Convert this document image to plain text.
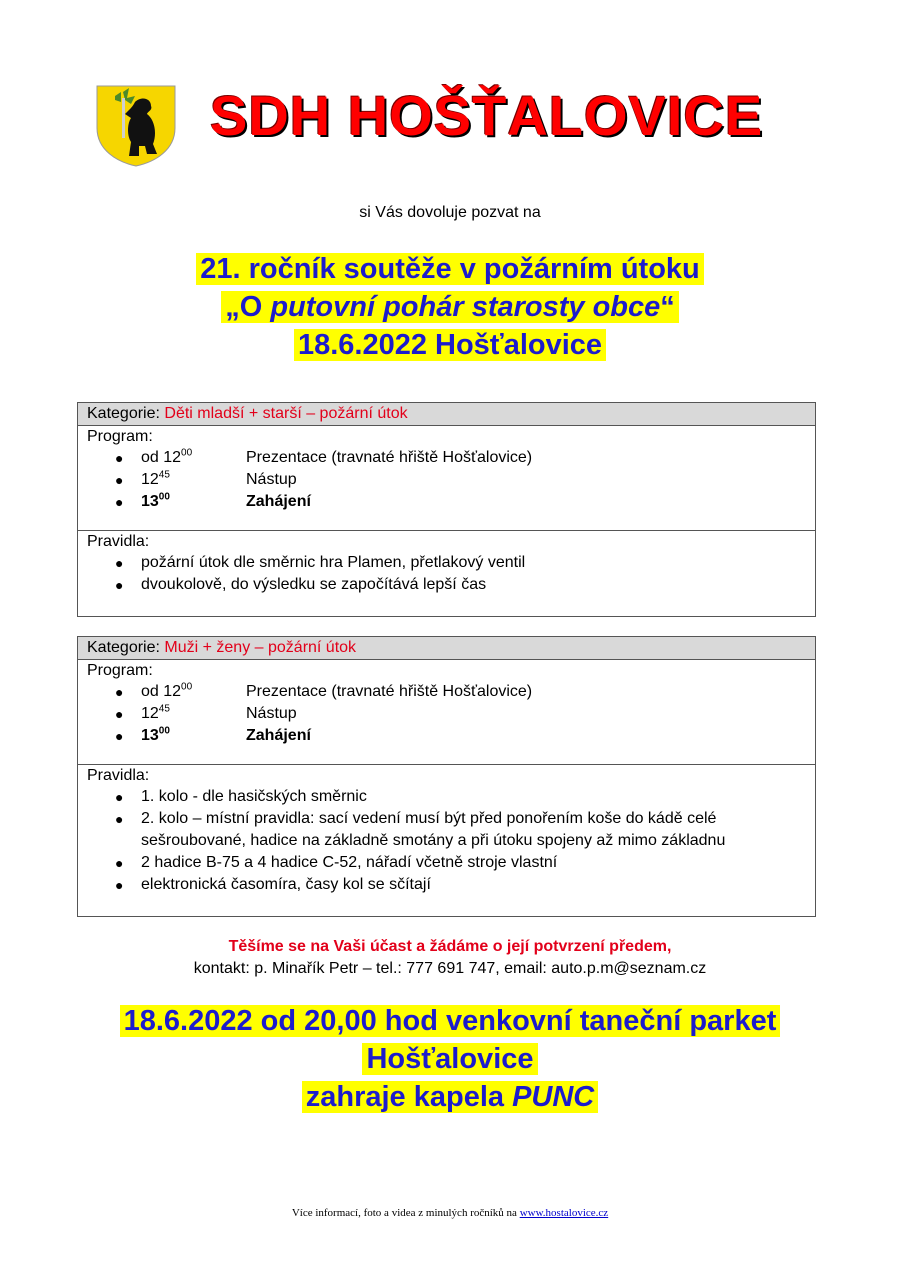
SDH HOŠŤALOVICE
si Vás dovoluje pozvat na
21. ročník soutěže v požárním útoku
„O putovní pohár starosty obce“
18.6.2022 Hošťalovice
Kategorie: Děti mladší + starší – požární útok
Program:
● od $12^{00}$	Prezentace (travnaté hřiště Hošťalovice)
● $12^{45}$	Nástup
● $13^{00}$	Zahájení
Pravidla:
● požární útok dle směrnic hra Plamen, přetlakový ventil
● dvoukolově, do výsledku se započítává lepší čas
Kategorie: Muži + ženy – požární útok
Program:
● od $12^{00}$	Prezentace (travnaté hřiště Hošťalovice)
● $12^{45}$	Nástup
● $13^{00}$	Zahájení
Pravidla:
● 1. kolo - dle hasičských směrnic
● 2. kolo – místní pravidla: sací vedení musí být před ponořením koše do kádě celé
sešroubované, hadice na základně smotány a při útoku spojeny až mimo základnu
● 2 hadice B-75 a 4 hadice C-52, nářadí včetně stroje vlastní
● elektronická časomíra, časy kol se sčítají
Těšíme se na Vaši účast a žádáme o její potvrzení předem,
kontakt: p. Minařík Petr – tel.: 777 691 747, email: auto.p.m@seznam.cz
18.6.2022 od 20,00 hod venkovní taneční parket
Hošťalovice
zahraje kapela PUNC
Více informací, foto a videa z minulých ročníků na www.hostalovice.cz
